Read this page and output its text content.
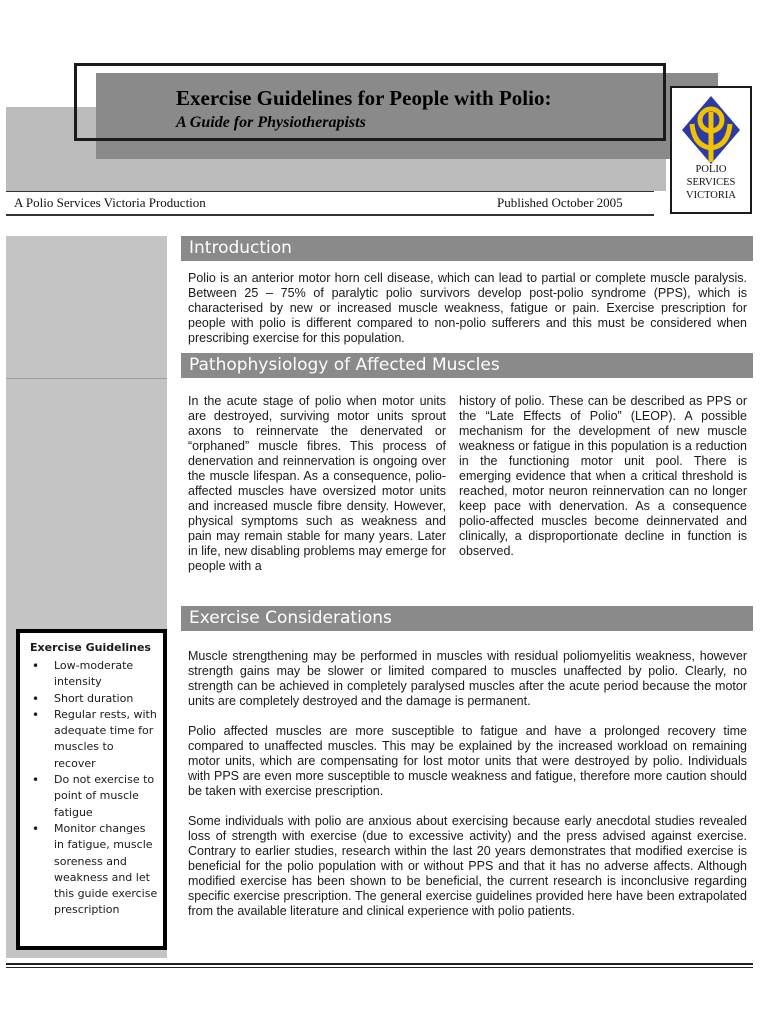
Exercise Guidelines for People with Polio:
A Guide for Physiotherapists
A Polio Services Victoria Production	Published October 2005
POLIO
SERVICES
VICTORIA
Exercise Guidelines
• Low-moderate intensity
• Short duration
• Regular rests, with adequate time for muscles to recover
• Do not exercise to point of muscle fatigue
• Monitor changes in fatigue, muscle soreness and weakness and let this guide exercise prescription
Introduction

Polio is an anterior motor horn cell disease, which can lead to partial or complete muscle paralysis. Between 25 – 75% of paralytic polio survivors develop post-polio syndrome (PPS), which is characterised by new or increased muscle weakness, fatigue or pain. Exercise prescription for people with polio is different compared to non-polio sufferers and this must be considered when prescribing exercise for this population.

Pathophysiology of Affected Muscles

In the acute stage of polio when motor units are destroyed, surviving motor units sprout axons to reinnervate the denervated or “orphaned” muscle fibres. This process of denervation and reinnervation is ongoing over the muscle lifespan. As a consequence, polio-affected muscles have oversized motor units and increased muscle fibre density. However, physical symptoms such as weakness and pain may remain stable for many years. Later in life, new disabling problems may emerge for people with a

history of polio. These can be described as PPS or the “Late Effects of Polio” (LEOP). A possible mechanism for the development of new muscle weakness or fatigue in this population is a reduction in the functioning motor unit pool. There is emerging evidence that when a critical threshold is reached, motor neuron reinnervation can no longer keep pace with denervation. As a consequence polio-affected muscles become deinnervated and clinically, a disproportionate decline in function is observed.

Exercise Considerations

Muscle strengthening may be performed in muscles with residual poliomyelitis weakness, however strength gains may be slower or limited compared to muscles unaffected by polio. Clearly, no strength can be achieved in completely paralysed muscles after the acute period because the motor units are completely destroyed and the damage is permanent.

Polio affected muscles are more susceptible to fatigue and have a prolonged recovery time compared to unaffected muscles. This may be explained by the increased workload on remaining motor units, which are compensating for lost motor units that were destroyed by polio. Individuals with PPS are even more susceptible to muscle weakness and fatigue, therefore more caution should be taken with exercise prescription.

Some individuals with polio are anxious about exercising because early anecdotal studies revealed loss of strength with exercise (due to excessive activity) and the press advised against exercise. Contrary to earlier studies, research within the last 20 years demonstrates that modified exercise is beneficial for the polio population with or without PPS and that it has no adverse affects. Although modified exercise has been shown to be beneficial, the current research is inconclusive regarding specific exercise prescription. The general exercise guidelines provided here have been extrapolated from the available literature and clinical experience with polio patients.
